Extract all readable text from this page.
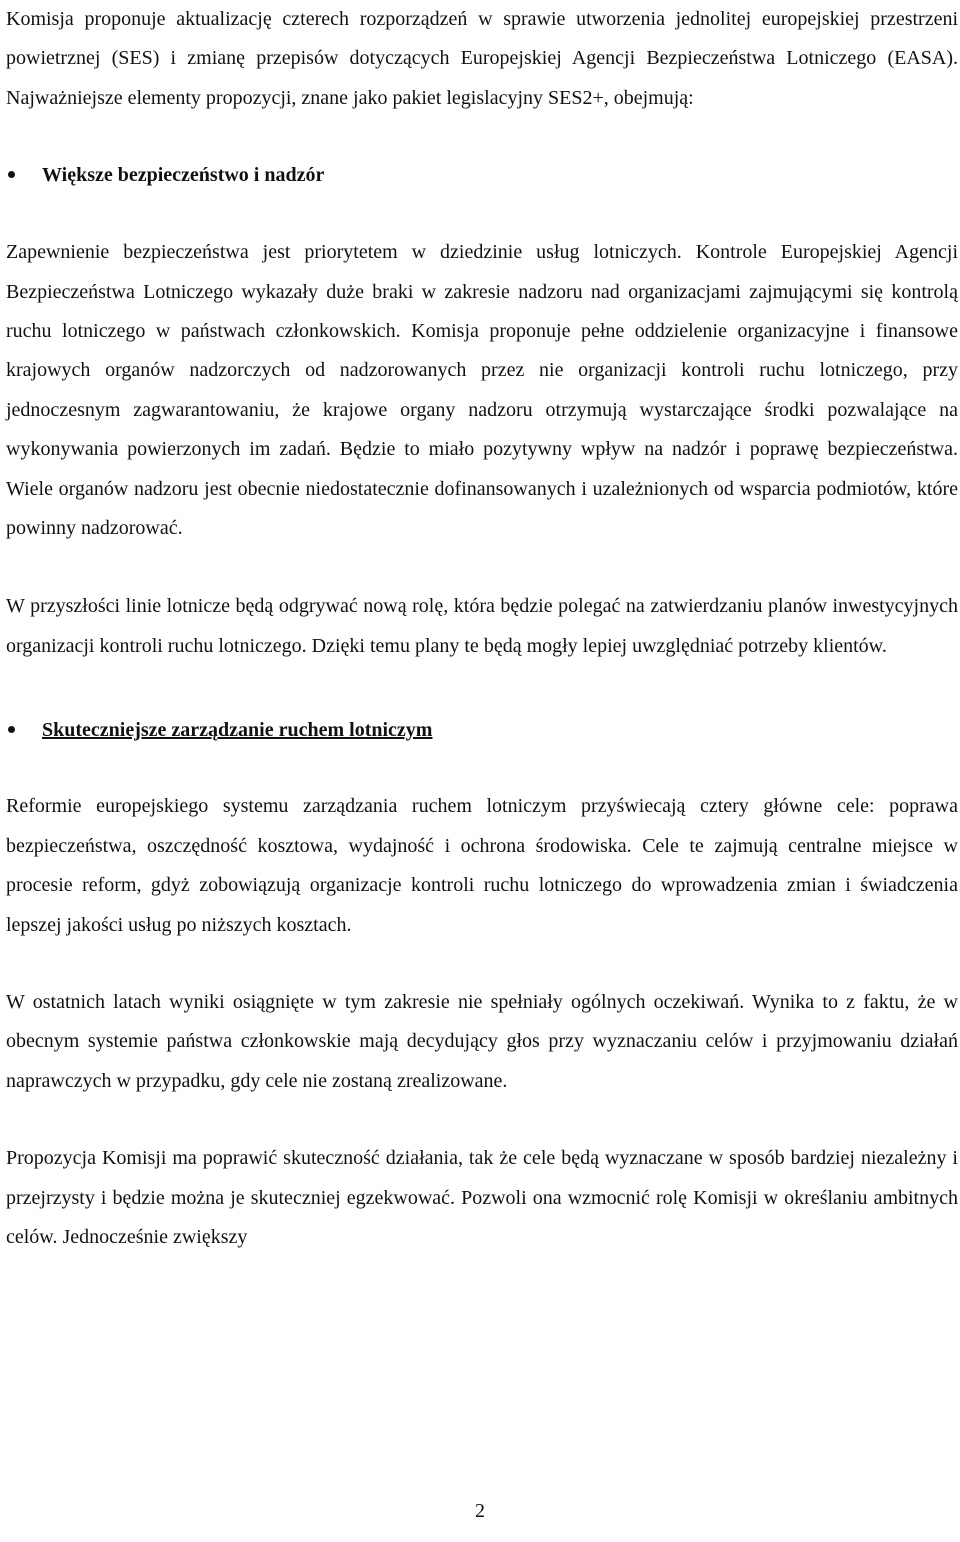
Komisja proponuje aktualizację czterech rozporządzeń w sprawie utworzenia jednolitej europejskiej przestrzeni powietrznej (SES) i zmianę przepisów dotyczących Europejskiej Agencji Bezpieczeństwa Lotniczego (EASA). Najważniejsze elementy propozycji, znane jako pakiet legislacyjny SES2+, obejmują:

Większe bezpieczeństwo i nadzór

Zapewnienie bezpieczeństwa jest priorytetem w dziedzinie usług lotniczych. Kontrole Europejskiej Agencji Bezpieczeństwa Lotniczego wykazały duże braki w zakresie nadzoru nad organizacjami zajmującymi się kontrolą ruchu lotniczego w państwach członkowskich. Komisja proponuje pełne oddzielenie organizacyjne i finansowe krajowych organów nadzorczych od nadzorowanych przez nie organizacji kontroli ruchu lotniczego, przy jednoczesnym zagwarantowaniu, że krajowe organy nadzoru otrzymują wystarczające środki pozwalające na wykonywania powierzonych im zadań. Będzie to miało pozytywny wpływ na nadzór i poprawę bezpieczeństwa. Wiele organów nadzoru jest obecnie niedostatecznie dofinansowanych i uzależnionych od wsparcia podmiotów, które powinny nadzorować.

W przyszłości linie lotnicze będą odgrywać nową rolę, która będzie polegać na zatwierdzaniu planów inwestycyjnych organizacji kontroli ruchu lotniczego. Dzięki temu plany te będą mogły lepiej uwzględniać potrzeby klientów.

Skuteczniejsze zarządzanie ruchem lotniczym

Reformie europejskiego systemu zarządzania ruchem lotniczym przyświecają cztery główne cele: poprawa bezpieczeństwa, oszczędność kosztowa, wydajność i ochrona środowiska. Cele te zajmują centralne miejsce w procesie reform, gdyż zobowiązują organizacje kontroli ruchu lotniczego do wprowadzenia zmian i świadczenia lepszej jakości usług po niższych kosztach.

W ostatnich latach wyniki osiągnięte w tym zakresie nie spełniały ogólnych oczekiwań. Wynika to z faktu, że w obecnym systemie państwa członkowskie mają decydujący głos przy wyznaczaniu celów i przyjmowaniu działań naprawczych w przypadku, gdy cele nie zostaną zrealizowane.

Propozycja Komisji ma poprawić skuteczność działania, tak że cele będą wyznaczane w sposób bardziej niezależny i przejrzysty i będzie można je skuteczniej egzekwować. Pozwoli ona wzmocnić rolę Komisji w określaniu ambitnych celów. Jednocześnie zwiększy

2
